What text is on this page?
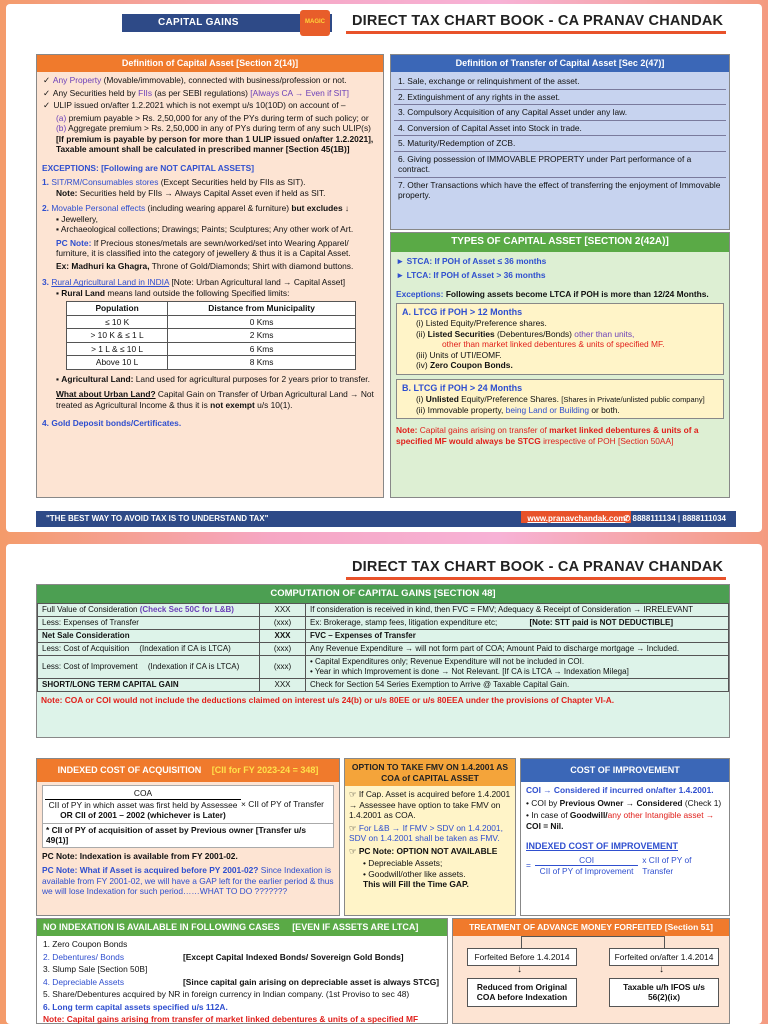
CAPITAL GAINS	MAGIC	DIRECT TAX CHART BOOK - CA PRANAV CHANDAK
Definition of Capital Asset [Section 2(14)]
✓ Any Property (Movable/immovable), connected with business/profession or not.
✓ Any Securities held by FIIs (as per SEBI regulations) [Always CA → Even if SIT]
✓ ULIP issued on/after 1.2.2021 which is not exempt u/s 10(10D) on account of –
(a) premium payable > Rs. 2,50,000 for any of the PYs during term of such policy; or
(b) Aggregate premium > Rs. 2,50,000 in any of PYs during term of any such ULIP(s)
[If premium is payable by person for more than 1 ULIP issued on/after 1.2.2021],
Taxable amount shall be calculated in prescribed manner [Section 45(1B)]
EXCEPTIONS: [Following are NOT CAPITAL ASSETS]
1. SIT/RM/Consumables stores (Except Securities held by FIIs as SIT).
Note: Securities held by FIIs → Always Capital Asset even if held as SIT.
2. Movable Personal effects (including wearing apparel & furniture) but excludes ↓
▪ Jewellery,
▪ Archaeological collections; Drawings; Paints; Sculptures; Any other work of Art.
PC Note: If Precious stones/metals are sewn/worked/set into Wearing Apparel/ furniture, it is classified into the category of jewellery & thus it is a Capital Asset.
Ex: Madhuri ka Ghagra, Throne of Gold/Diamonds; Shirt with diamond buttons.
3. Rural Agricultural Land in INDIA [Note: Urban Agricultural land → Capital Asset]
▪ Rural Land means land outside the following Specified limits:
Population	Distance from Municipality
≤ 10 K	0 Kms
> 10 K & ≤ 1 L	2 Kms
> 1 L & ≤ 10 L	6 Kms
Above 10 L	8 Kms
▪ Agricultural Land: Land used for agricultural purposes for 2 years prior to transfer.
What about Urban Land? Capital Gain on Transfer of Urban Agricultural Land → Not treated as Agricultural Income & thus it is not exempt u/s 10(1).
4. Gold Deposit bonds/Certificates.
Definition of Transfer of Capital Asset [Sec 2(47)]
1. Sale, exchange or relinquishment of the asset.
2. Extinguishment of any rights in the asset.
3. Compulsory Acquisition of any Capital Asset under any law.
4. Conversion of Capital Asset into Stock in trade.
5. Maturity/Redemption of ZCB.
6. Giving possession of IMMOVABLE PROPERTY under Part performance of a contract.
7. Other Transactions which have the effect of transferring the enjoyment of Immovable property.
TYPES OF CAPITAL ASSET [SECTION 2(42A)]
► STCA: If POH of Asset ≤ 36 months
► LTCA: If POH of Asset > 36 months
Exceptions: Following assets become LTCA if POH is more than 12/24 Months.
A. LTCG if POH > 12 Months
(i) Listed Equity/Preference shares.
(ii) Listed Securities (Debentures/Bonds) other than units,
other than market linked debentures & units of specified MF.
(iii) Units of UTI/EOMF.
(iv) Zero Coupon Bonds.
B. LTCG if POH > 24 Months
(i) Unlisted Equity/Preference Shares. [Shares in Private/unlisted public company]
(ii) Immovable property, being Land or Building or both.
Note: Capital gains arising on transfer of market linked debentures & units of a specified MF would always be STCG irrespective of POH [Section 50AA]
"THE BEST WAY TO AVOID TAX IS TO UNDERSTAND TAX"	www.pranavchandak.com ✆ 8888111134 | 8888111034
DIRECT TAX CHART BOOK - CA PRANAV CHANDAK
COMPUTATION OF CAPITAL GAINS [SECTION 48]
Full Value of Consideration (Check Sec 50C for L&B)	XXX	If consideration is received in kind, then FVC = FMV; Adequacy & Receipt of Consideration → IRRELEVANT
Less: Expenses of Transfer	(xxx)	Ex: Brokerage, stamp fees, litigation expenditure etc; [Note: STT paid is NOT DEDUCTIBLE]
Net Sale Consideration	XXX	FVC – Expenses of Transfer
Less: Cost of Acquisition (Indexation if CA is LTCA)	(xxx)	Any Revenue Expenditure → will not form part of COA; Amount Paid to discharge mortgage → Included.
Less: Cost of Improvement (Indexation if CA is LTCA)	(xxx)	• Capital Expenditures only; Revenue Expenditure will not be included in COI.
• Year in which Improvement is done → Not Relevant. [If CA is LTCA → Indexation Milega]

SHORT/LONG TERM CAPITAL GAIN	XXX	Check for Section 54 Series Exemption to Arrive @ Taxable Capital Gain.
Note: COA or COI would not include the deductions claimed on interest u/s 24(b) or u/s 80EE or u/s 80EEA under the provisions of Chapter VI-A.
INDEXED COST OF ACQUISITION [CII for FY 2023-24 = 348]
COA
CII of PY in which asset was first held by Assessee
OR CII of 2001 – 2002 (whichever is Later)
× CII of PY of Transfer
* CII of PY of acquisition of asset by Previous owner [Transfer u/s 49(1)]
PC Note: Indexation is available from FY 2001-02.
PC Note: What if Asset is acquired before PY 2001-02? Since Indexation is available from FY 2001-02, we will have a GAP left for the earlier period & thus we will lose Indexation for such period……WHAT TO DO ???????
OPTION TO TAKE FMV ON 1.4.2001 AS COA of CAPITAL ASSET
☞ If Cap. Asset is acquired before 1.4.2001 → Assessee have option to take FMV on 1.4.2001 as COA.
☞ For L&B → If FMV > SDV on 1.4.2001, SDV on 1.4.2001 shall be taken as FMV.
☞ PC Note: OPTION NOT AVAILABLE
• Depreciable Assets;
• Goodwill/other like assets.
This will Fill the Time GAP.
COST OF IMPROVEMENT
COI → Considered if incurred on/after 1.4.2001.
• COI by Previous Owner → Considered (Check 1)
• In case of Goodwill/any other Intangible asset → COI = Nil.
INDEXED COST OF IMPROVEMENT
=
COI
CII of PY of Improvement
x CII of PY of Transfer
NO INDEXATION IS AVAILABLE IN FOLLOWING CASES [EVEN IF ASSETS ARE LTCA]
1. Zero Coupon Bonds
2. Debentures/ Bonds	[Except Capital Indexed Bonds/ Sovereign Gold Bonds]
3. Slump Sale [Section 50B]
4. Depreciable Assets	[Since capital gain arising on depreciable asset is always STCG]
5. Share/Debentures acquired by NR in foreign currency in Indian company. (1st Proviso to sec 48)
6. Long term capital assets specified u/s 112A.
Note: Capital gains arising from transfer of market linked debentures & units of a specified MF
TREATMENT OF ADVANCE MONEY FORFEITED [Section 51]
Forfeited Before 1.4.2014	Forfeited on/after 1.4.2014
↓	↓
Reduced from Original COA before Indexation
Taxable u/h IFOS u/s 56(2)(ix)
